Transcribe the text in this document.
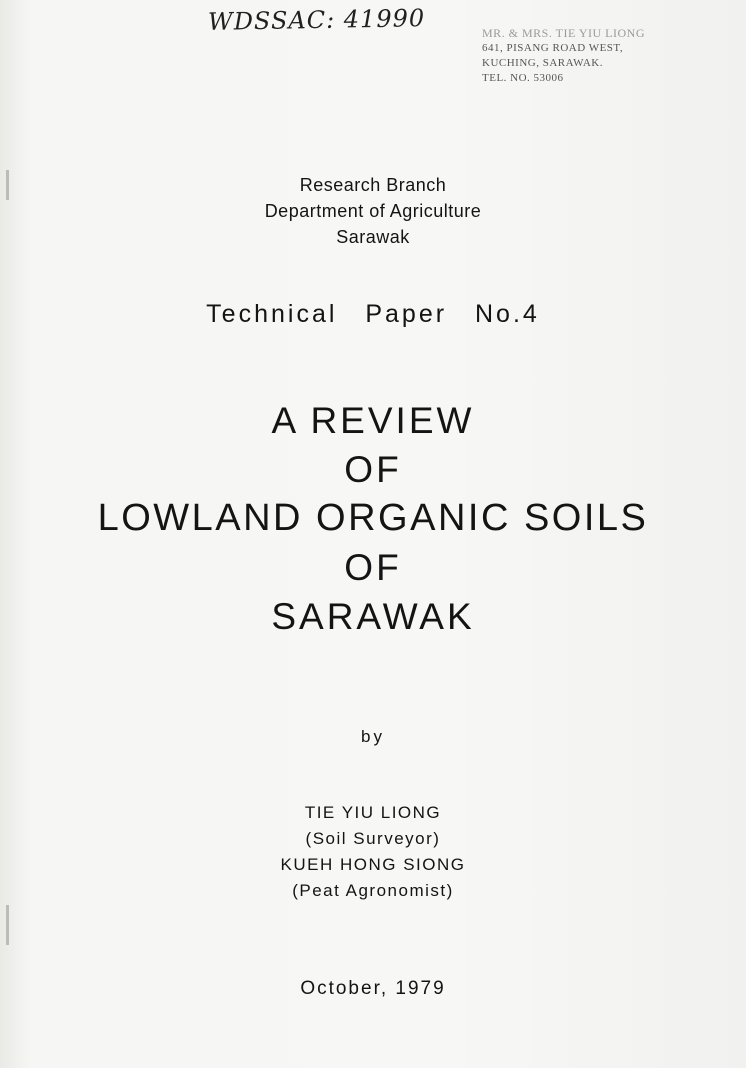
WDSSAC: 41990	MR. & MRS. TIE YIU LIONG
641, PISANG ROAD WEST,
KUCHING, SARAWAK.
TEL. NO. 53006
Research Branch
Department of Agriculture
Sarawak
Technical Paper No.4
A REVIEW
OF
LOWLAND ORGANIC SOILS
OF
SARAWAK
by
TIE YIU LIONG
(Soil Surveyor)
KUEH HONG SIONG
(Peat Agronomist)
October, 1979
